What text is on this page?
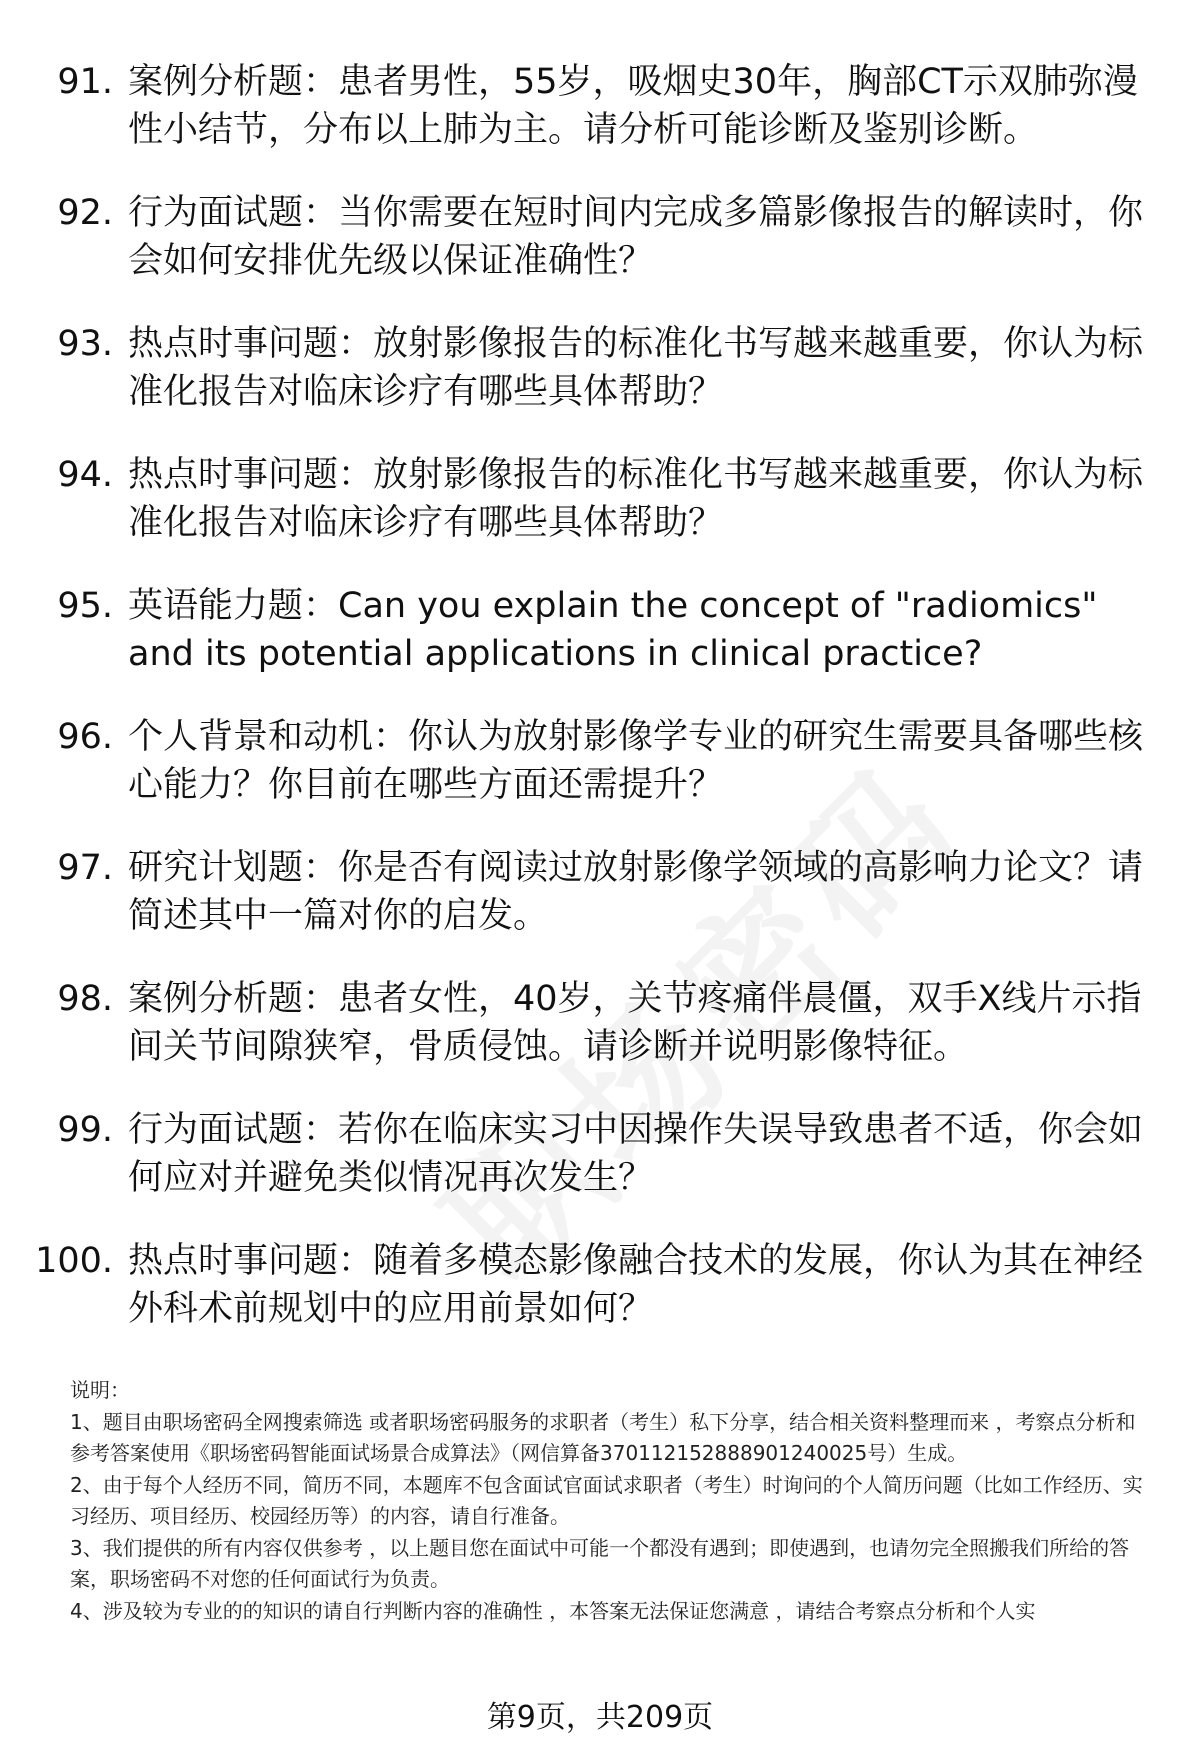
91. 案例分析题：患者男性，55岁，吸烟史30年，胸部CT示双肺弥漫性小结节，分布以上肺为主。请分析可能诊断及鉴别诊断。
92. 行为面试题：当你需要在短时间内完成多篇影像报告的解读时，你会如何安排优先级以保证准确性？
93. 热点时事问题：放射影像报告的标准化书写越来越重要，你认为标准化报告对临床诊疗有哪些具体帮助？
94. 热点时事问题：放射影像报告的标准化书写越来越重要，你认为标准化报告对临床诊疗有哪些具体帮助？
95. 英语能力题：Can you explain the concept of "radiomics" and its potential applications in clinical practice?
96. 个人背景和动机：你认为放射影像学专业的研究生需要具备哪些核心能力？你目前在哪些方面还需提升？
97. 研究计划题：你是否有阅读过放射影像学领域的高影响力论文？请简述其中一篇对你的启发。
98. 案例分析题：患者女性，40岁，关节疼痛伴晨僵，双手X线片示指间关节间隙狭窄，骨质侵蚀。请诊断并说明影像特征。
99. 行为面试题：若你在临床实习中因操作失误导致患者不适，你会如何应对并避免类似情况再次发生？
100. 热点时事问题：随着多模态影像融合技术的发展，你认为其在神经外科术前规划中的应用前景如何？

说明：

1、题目由职场密码全网搜索筛选 或者职场密码服务的求职者（考生）私下分享，结合相关资料整理而来 ，考察点分析和参考答案使用《职场密码智能面试场景合成算法》（网信算备370112152888901240025号）生成。

2、由于每个人经历不同，简历不同，本题库不包含面试官面试求职者（考生）时询问的个人简历问题（比如工作经历、实习经历、项目经历、校园经历等）的内容，请自行准备。

3、我们提供的所有内容仅供参考 ，以上题目您在面试中可能一个都没有遇到；即使遇到，也请勿完全照搬我们所给的答案，职场密码不对您的任何面试行为负责。

4、涉及较为专业的的知识的请自行判断内容的准确性 ，本答案无法保证您满意 ，请结合考察点分析和个人实

第9页，共209页
